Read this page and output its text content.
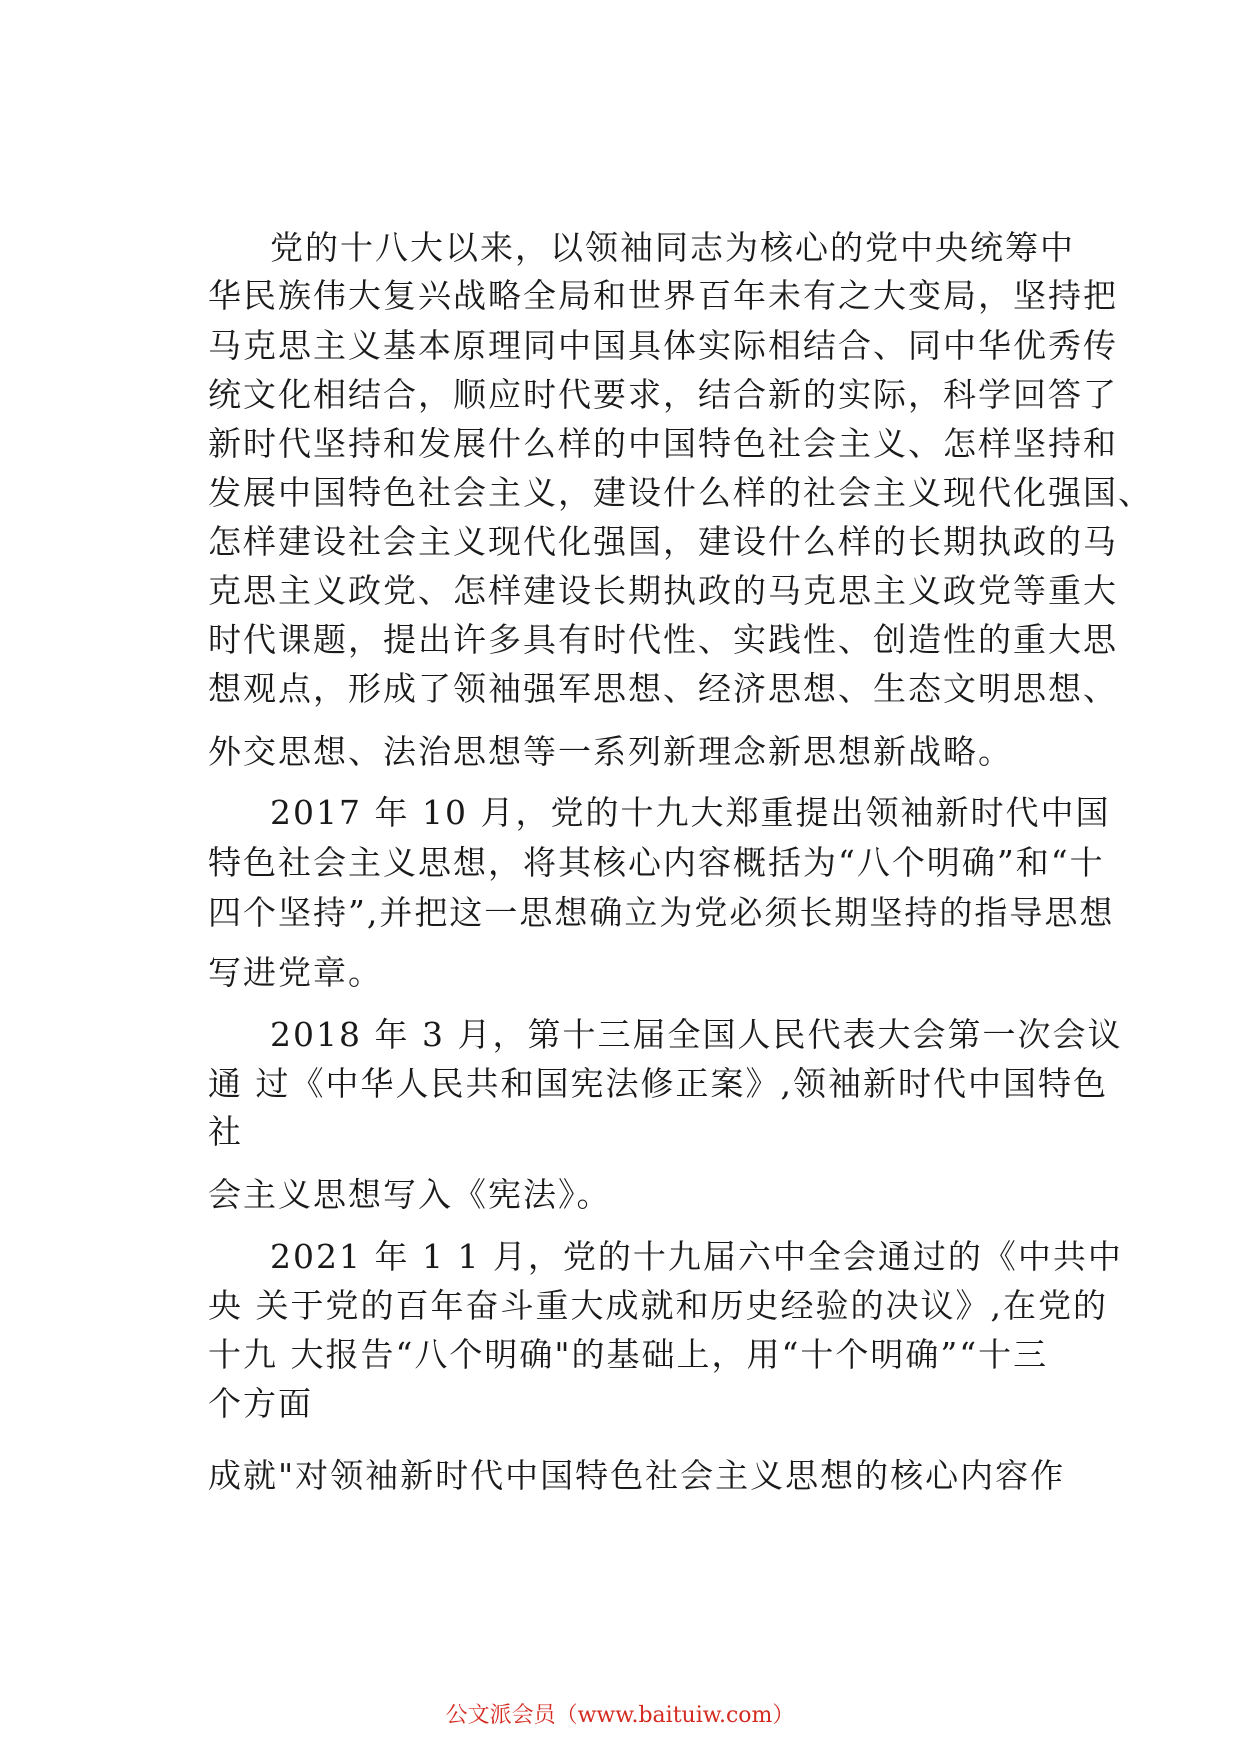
党的十八大以来，以领袖同志为核心的党中央统筹中
华民族伟大复兴战略全局和世界百年未有之大变局，坚持把
马克思主义基本原理同中国具体实际相结合、同中华优秀传
统文化相结合，顺应时代要求，结合新的实际，科学回答了
新时代坚持和发展什么样的中国特色社会主义、怎样坚持和
发展中国特色社会主义，建设什么样的社会主义现代化强国、
怎样建设社会主义现代化强国，建设什么样的长期执政的马
克思主义政党、怎样建设长期执政的马克思主义政党等重大
时代课题，提出许多具有时代性、实践性、创造性的重大思
想观点，形成了领袖强军思想、经济思想、生态文明思想、
外交思想、法治思想等一系列新理念新思想新战略。
2017 年 10 月，党的十九大郑重提出领袖新时代中国
特色社会主义思想，将其核心内容概括为“八个明确”和“十
四个坚持”,并把这一思想确立为党必须长期坚持的指导思想
写进党章。
2018 年 3 月，第十三届全国人民代表大会第一次会议
通 过《中华人民共和国宪法修正案》,领袖新时代中国特色
社
会主义思想写入《宪法》。
2021 年 1 1 月，党的十九届六中全会通过的《中共中
央 关于党的百年奋斗重大成就和历史经验的决议》,在党的
十九 大报告“八个明确"的基础上，用“十个明确”“十三
个方面
成就"对领袖新时代中国特色社会主义思想的核心内容作
公文派会员（www.baituiw.com）
